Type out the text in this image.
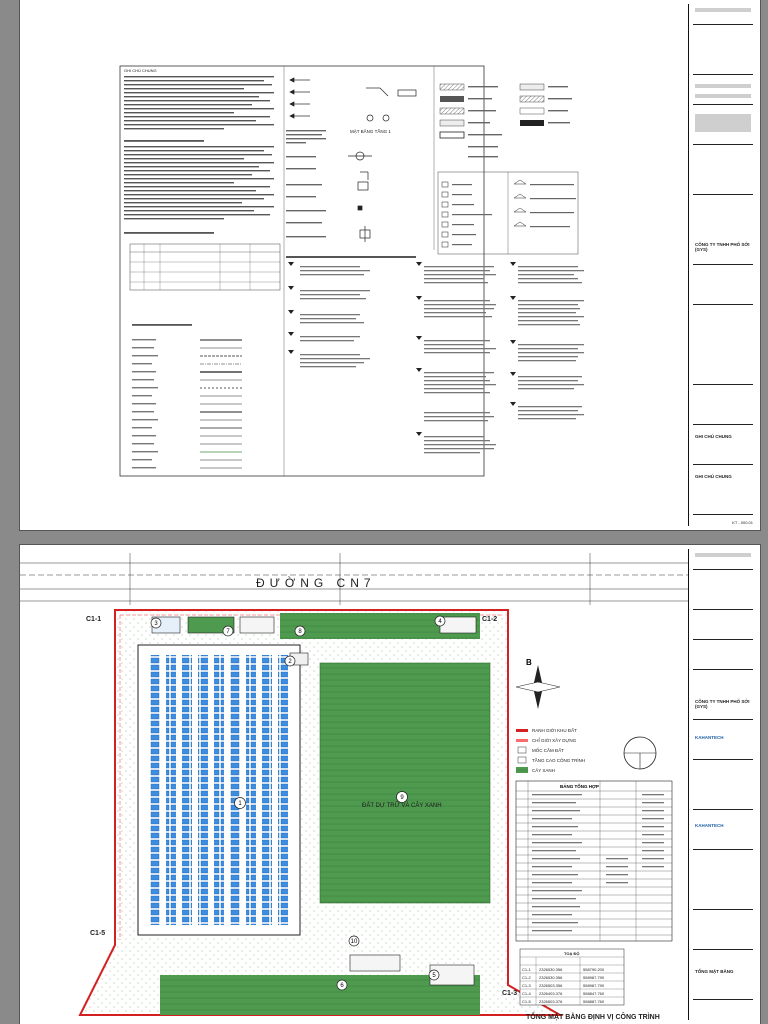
GHI CHÚ CHUNG
MẶT BẰNG TẦNG 1
CÔNG TY TNHH PHỐ SỚI (GYS)
GHI CHÚ CHUNG
GHI CHÚ CHUNG
KT - 000.01
ĐƯỜNG CN7
ĐẤT DỰ TRỮ VÀ CÂY XANH
1
2
3	4
5
6
7	8
9
10
C1-1	C1-2
C1-3
C1-5
B
RANH GIỚI KHU ĐẤT
CHỈ GIỚI XÂY DỰNG
MỐC CẮM ĐẤT
TẦNG CAO CÔNG TRÌNH
CÂY XANH
BẢNG TỔNG HỢP
TOẠ ĐỘ
C1-1 2326530.356	558790.200
C1-2 2326530.356	558987.790
C1-3 2326503.356	558987.790
C1-4 2326403.376	558847.760
C1-5 2326503.376	558887.760
TỔNG MẶT BẰNG ĐỊNH VỊ CÔNG TRÌNH
CÔNG TY TNHH PHỐ SỚI (GYS)
KAHANTECH
KAHANTECH
TỔNG MẶT BẰNG
